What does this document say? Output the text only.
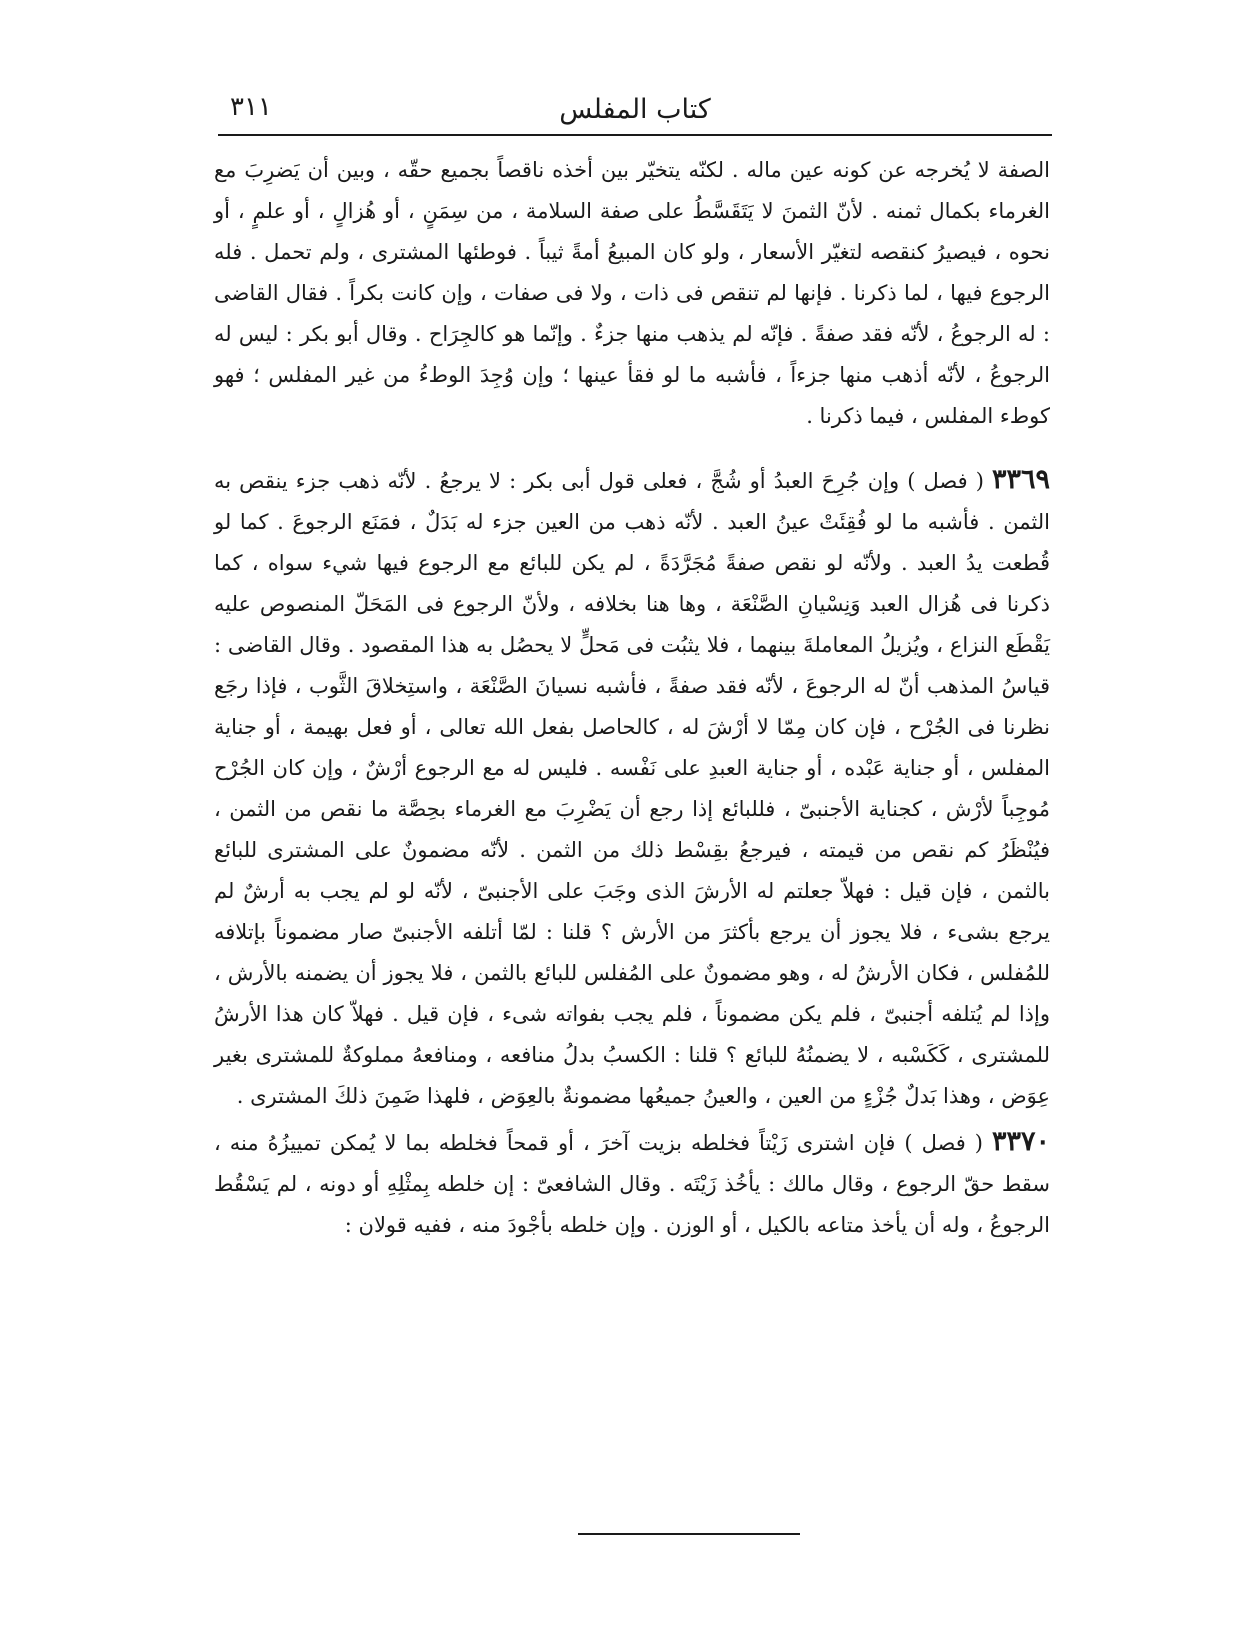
كتاب المفلس
٣١١

الصفة لا يُخرجه عن كونه عين ماله . لكنّه يتخيّر بين أخذه ناقصاً بجميع حقّه ، وبين أن يَضرِبَ مع الغرماء بكمال ثمنه . لأنّ الثمنَ لا يَتَقَسَّطُ على صفة السلامة ، من سِمَنٍ ، أو هُزالٍ ، أو علمٍ ، أو نحوه ، فيصيرُ كنقصه لتغيّر الأسعار ، ولو كان المبيعُ أمةً ثيباً . فوطئها المشترى ، ولم تحمل . فله الرجوع فيها ، لما ذكرنا . فإنها لم تنقص فى ذات ، ولا فى صفات ، وإن كانت بكراً . فقال القاضى : له الرجوعُ ، لأنّه فقد صفةً . فإنّه لم يذهب منها جزءٌ . وإنّما هو كالجِرَاح . وقال أبو بكر : ليس له الرجوعُ ، لأنّه أذهب منها جزءاً ، فأشبه ما لو فقأ عينها ؛ وإن وُجِدَ الوطءُ من غير المفلس ؛ فهو كوطء المفلس ، فيما ذكرنا .

٣٣٦٩ ( فصل ) وإن جُرِحَ العبدُ أو شُجَّ ، فعلى قول أبى بكر : لا يرجعُ . لأنّه ذهب جزء ينقص به الثمن . فأشبه ما لو فُقِئَتْ عينُ العبد . لأنّه ذهب من العين جزء له بَدَلٌ ، فمَنَع الرجوعَ . كما لو قُطعت يدُ العبد . ولأنّه لو نقص صفةً مُجَرَّدَةً ، لم يكن للبائع مع الرجوع فيها شيء سواه ، كما ذكرنا فى هُزال العبد وَنِسْيانِ الصَّنْعَة ، وها هنا بخلافه ، ولأنّ الرجوع فى المَحَلّ المنصوص عليه يَقْطَع النزاع ، ويُزيلُ المعاملةَ بينهما ، فلا يثبُت فى مَحلٍّ لا يحصُل به هذا المقصود . وقال القاضى : قياسُ المذهب أنّ له الرجوعَ ، لأنّه فقد صفةً ، فأشبه نسيانَ الصَّنْعَة ، واستِخلاقَ الثَّوب ، فإذا رجَع نظرنا فى الجُرْح ، فإن كان مِمّا لا أرْشَ له ، كالحاصل بفعل الله تعالى ، أو فعل بهيمة ، أو جناية المفلس ، أو جناية عَبْده ، أو جناية العبدِ على نَفْسه . فليس له مع الرجوع أرْشٌ ، وإن كان الجُرْح مُوجِباً لأرْش ، كجناية الأجنبىّ ، فللبائع إذا رجع أن يَضْرِبَ مع الغرماء بحِصَّة ما نقص من الثمن ، فيُنْظَرُ كم نقص من قيمته ، فيرجعُ بقِسْط ذلك من الثمن . لأنّه مضمونٌ على المشترى للبائع بالثمن ، فإن قيل : فهلاّ جعلتم له الأرشَ الذى وجَبَ على الأجنبىّ ، لأنّه لو لم يجب به أرشٌ لم يرجع بشىء ، فلا يجوز أن يرجع بأكثرَ من الأرش ؟ قلنا : لمّا أتلفه الأجنبىّ صار مضموناً بإتلافه للمُفلس ، فكان الأرشُ له ، وهو مضمونٌ على المُفلس للبائع بالثمن ، فلا يجوز أن يضمنه بالأرش ، وإذا لم يُتلفه أجنبىّ ، فلم يكن مضموناً ، فلم يجب بفواته شىء ، فإن قيل . فهلاّ كان هذا الأرشُ للمشترى ، كَكَسْبه ، لا يضمنُهُ للبائع ؟ قلنا : الكسبُ بدلُ منافعه ، ومنافعهُ مملوكةٌ للمشترى بغير عِوَض ، وهذا بَدلٌ جُزْءٍ من العين ، والعينُ جميعُها مضمونةٌ بالعِوَض ، فلهذا ضَمِنَ ذلكَ المشترى .

٣٣٧٠ ( فصل ) فإن اشترى زَيْتاً فخلطه بزيت آخرَ ، أو قمحاً فخلطه بما لا يُمكن تمييزُهُ منه ، سقط حقّ الرجوع ، وقال مالك : يأخُذ زَيْتَه . وقال الشافعىّ : إن خلطه بِمثْلِهِ أو دونه ، لم يَسْقُط الرجوعُ ، وله أن يأخذ متاعه بالكيل ، أو الوزن . وإن خلطه بأجْودَ منه ، ففيه قولان :
